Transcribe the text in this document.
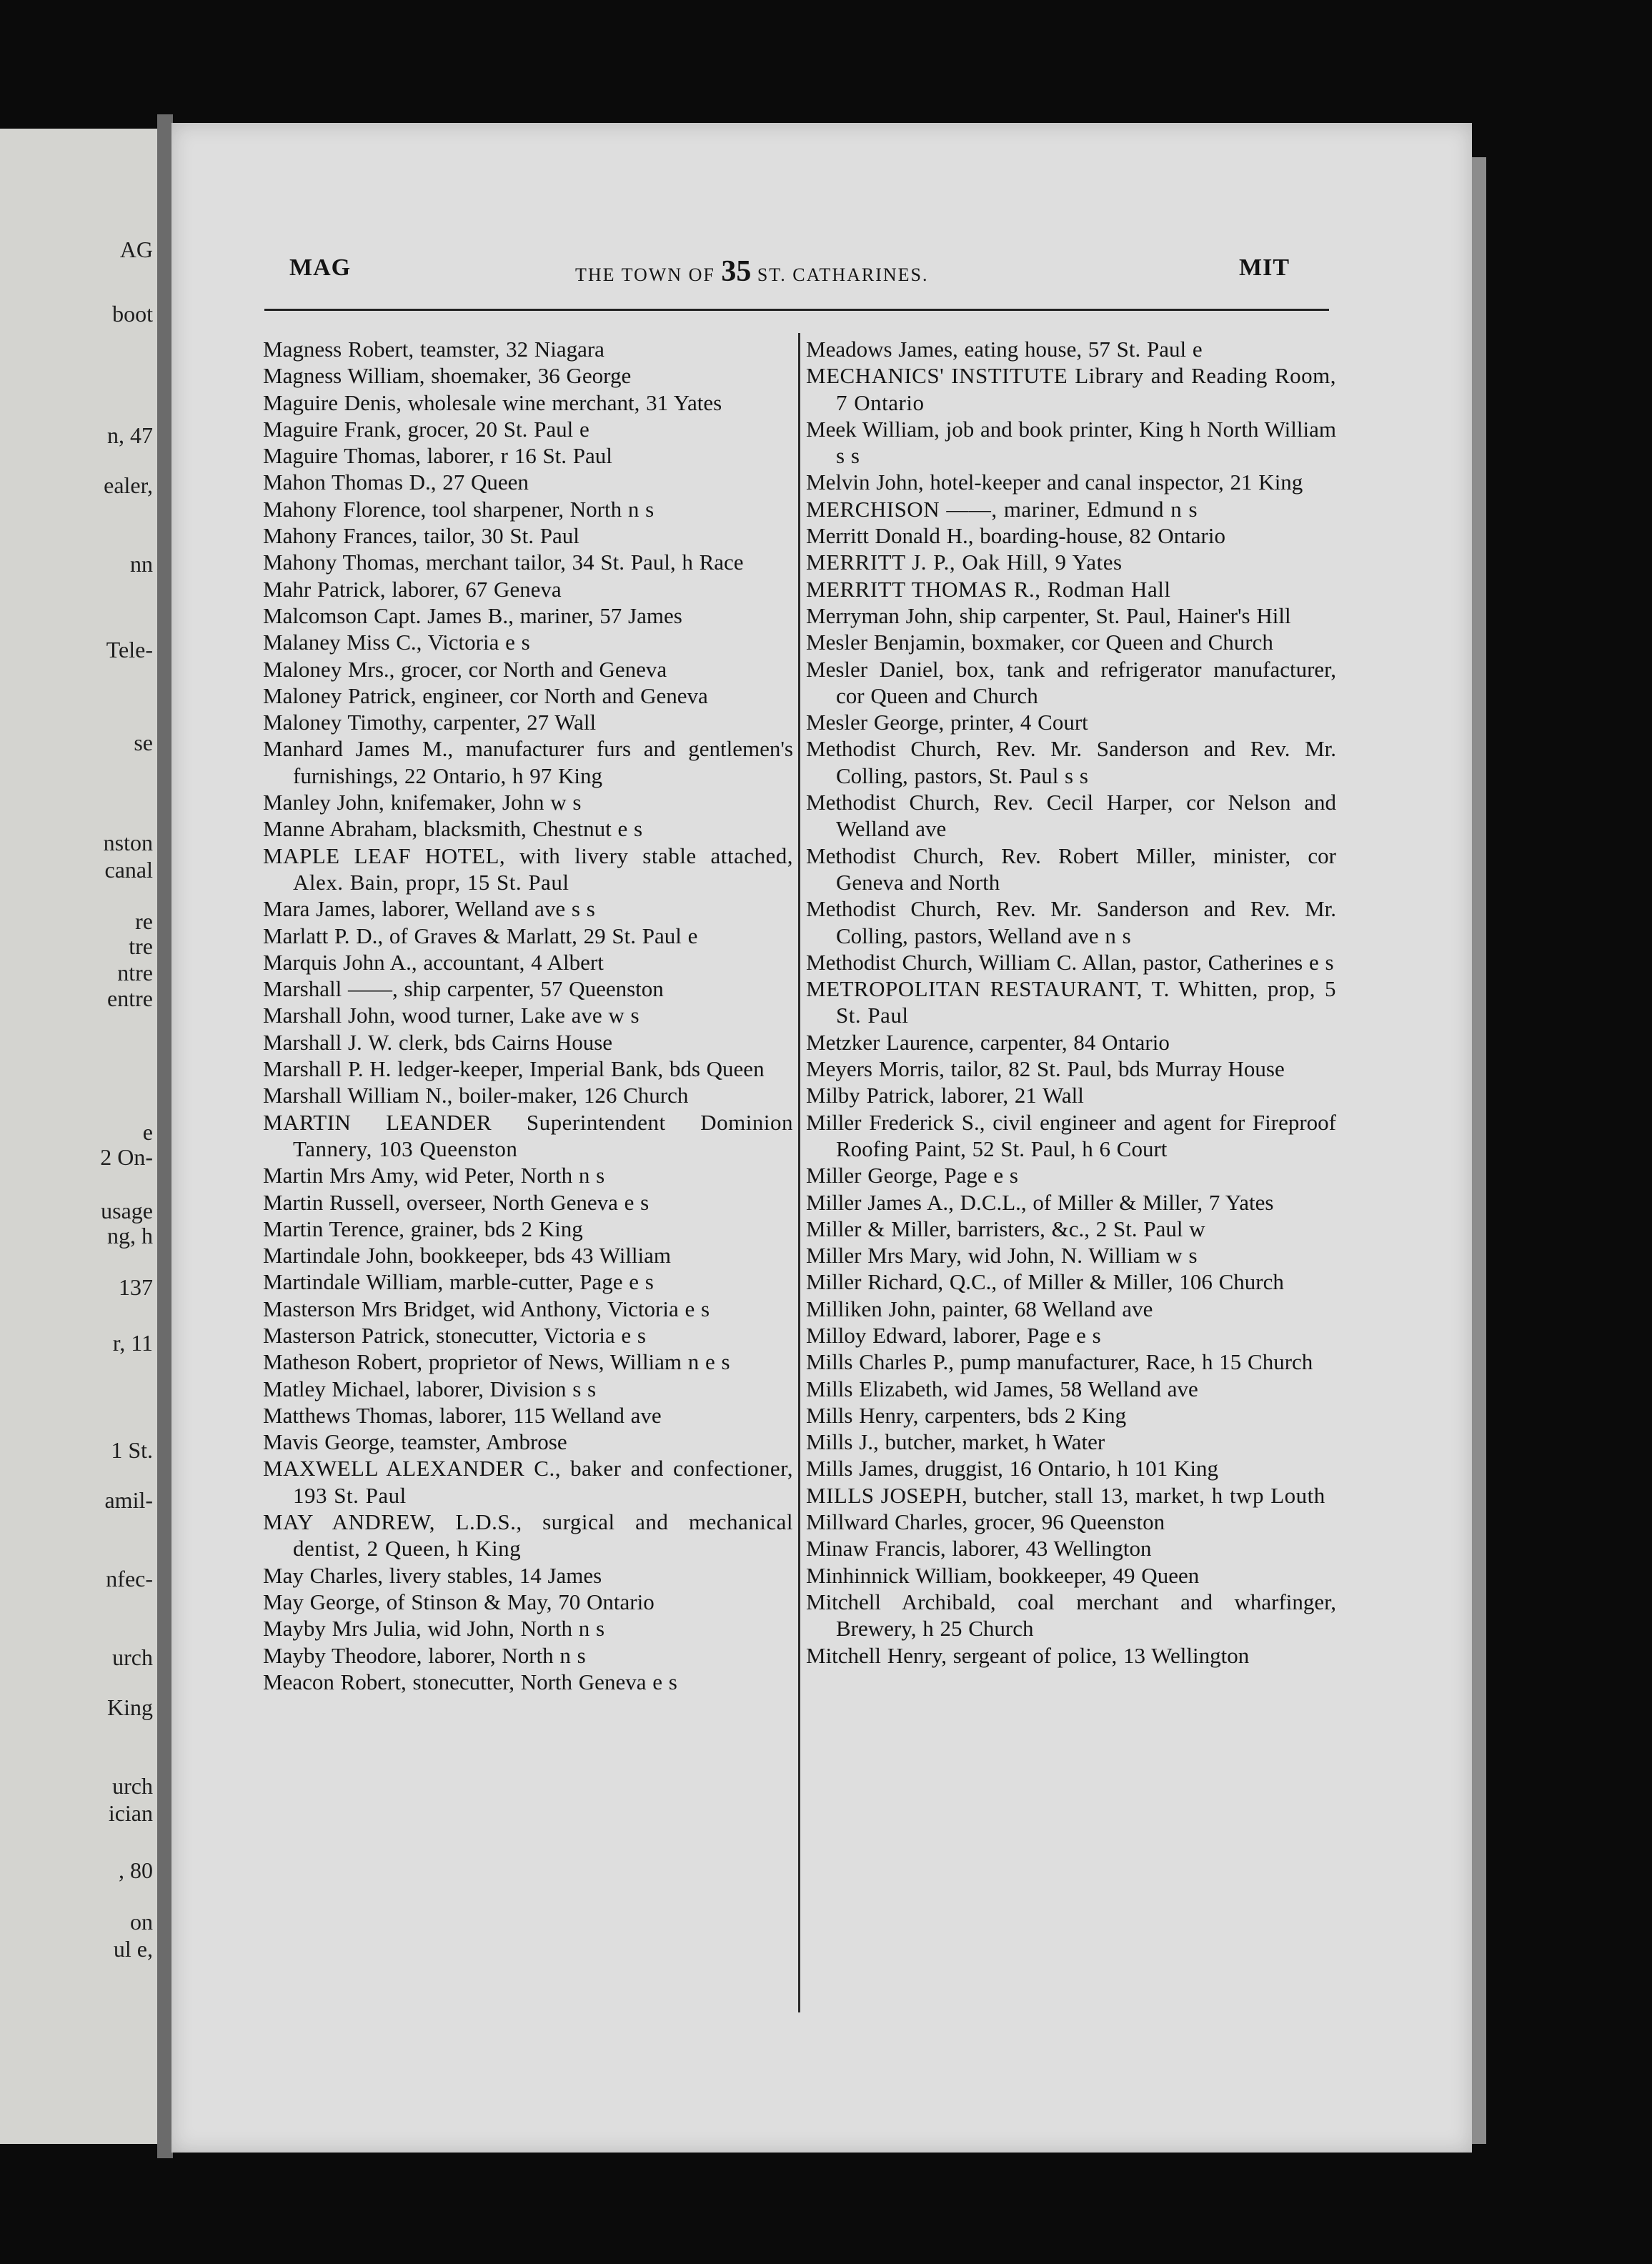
AG
boot
n, 47
ealer,
nn
Tele-
se
nston
canal
re
tre
ntre
entre
e
2 On-
usage
ng, h
137
r, 11
1 St.
amil-
nfec-
urch
King
urch
ician
, 80
on
ul e,
MAG	THE TOWN OF 35 ST. CATHARINES.	MIT

Magness Robert, teamster, 32 Niagara

Magness William, shoemaker, 36 George

Maguire Denis, wholesale wine merchant, 31 Yates

Maguire Frank, grocer, 20 St. Paul e

Maguire Thomas, laborer, r 16 St. Paul

Mahon Thomas D., 27 Queen

Mahony Florence, tool sharpener, North n s

Mahony Frances, tailor, 30 St. Paul

Mahony Thomas, merchant tailor, 34 St. Paul, h Race

Mahr Patrick, laborer, 67 Geneva

Malcomson Capt. James B., mariner, 57 James

Malaney Miss C., Victoria e s

Maloney Mrs., grocer, cor North and Geneva

Maloney Patrick, engineer, cor North and Geneva

Maloney Timothy, carpenter, 27 Wall

Manhard James M., manufacturer furs and gentlemen's furnishings, 22 Ontario, h 97 King

Manley John, knifemaker, John w s

Manne Abraham, blacksmith, Chestnut e s

MAPLE LEAF HOTEL, with livery stable attached, Alex. Bain, propr, 15 St. Paul

Mara James, laborer, Welland ave s s

Marlatt P. D., of Graves & Marlatt, 29 St. Paul e

Marquis John A., accountant, 4 Albert

Marshall ——, ship carpenter, 57 Queenston

Marshall John, wood turner, Lake ave w s

Marshall J. W. clerk, bds Cairns House

Marshall P. H. ledger-keeper, Imperial Bank, bds Queen

Marshall William N., boiler-maker, 126 Church

MARTIN LEANDER Superintendent Dominion Tannery, 103 Queenston

Martin Mrs Amy, wid Peter, North n s

Martin Russell, overseer, North Geneva e s

Martin Terence, grainer, bds 2 King

Martindale John, bookkeeper, bds 43 William

Martindale William, marble-cutter, Page e s

Masterson Mrs Bridget, wid Anthony, Victoria e s

Masterson Patrick, stonecutter, Victoria e s

Matheson Robert, proprietor of News, William n e s

Matley Michael, laborer, Division s s

Matthews Thomas, laborer, 115 Welland ave

Mavis George, teamster, Ambrose

MAXWELL ALEXANDER C., baker and confectioner, 193 St. Paul

MAY ANDREW, L.D.S., surgical and mechanical dentist, 2 Queen, h King

May Charles, livery stables, 14 James

May George, of Stinson & May, 70 Ontario

Mayby Mrs Julia, wid John, North n s

Mayby Theodore, laborer, North n s

Meacon Robert, stonecutter, North Geneva e s

Meadows James, eating house, 57 St. Paul e

MECHANICS' INSTITUTE Library and Reading Room, 7 Ontario

Meek William, job and book printer, King h North William s s

Melvin John, hotel-keeper and canal inspector, 21 King

MERCHISON ——, mariner, Edmund n s

Merritt Donald H., boarding-house, 82 Ontario

MERRITT J. P., Oak Hill, 9 Yates

MERRITT THOMAS R., Rodman Hall

Merryman John, ship carpenter, St. Paul, Hainer's Hill

Mesler Benjamin, boxmaker, cor Queen and Church

Mesler Daniel, box, tank and refrigerator manufacturer, cor Queen and Church

Mesler George, printer, 4 Court

Methodist Church, Rev. Mr. Sanderson and Rev. Mr. Colling, pastors, St. Paul s s

Methodist Church, Rev. Cecil Harper, cor Nelson and Welland ave

Methodist Church, Rev. Robert Miller, minister, cor Geneva and North

Methodist Church, Rev. Mr. Sanderson and Rev. Mr. Colling, pastors, Welland ave n s

Methodist Church, William C. Allan, pastor, Catherines e s

METROPOLITAN RESTAURANT, T. Whitten, prop, 5 St. Paul

Metzker Laurence, carpenter, 84 Ontario

Meyers Morris, tailor, 82 St. Paul, bds Murray House

Milby Patrick, laborer, 21 Wall

Miller Frederick S., civil engineer and agent for Fireproof Roofing Paint, 52 St. Paul, h 6 Court

Miller George, Page e s

Miller James A., D.C.L., of Miller & Miller, 7 Yates

Miller & Miller, barristers, &c., 2 St. Paul w

Miller Mrs Mary, wid John, N. William w s

Miller Richard, Q.C., of Miller & Miller, 106 Church

Milliken John, painter, 68 Welland ave

Milloy Edward, laborer, Page e s

Mills Charles P., pump manufacturer, Race, h 15 Church

Mills Elizabeth, wid James, 58 Welland ave

Mills Henry, carpenters, bds 2 King

Mills J., butcher, market, h Water

Mills James, druggist, 16 Ontario, h 101 King

MILLS JOSEPH, butcher, stall 13, market, h twp Louth

Millward Charles, grocer, 96 Queenston

Minaw Francis, laborer, 43 Wellington

Minhinnick William, bookkeeper, 49 Queen

Mitchell Archibald, coal merchant and wharfinger, Brewery, h 25 Church

Mitchell Henry, sergeant of police, 13 Wellington
